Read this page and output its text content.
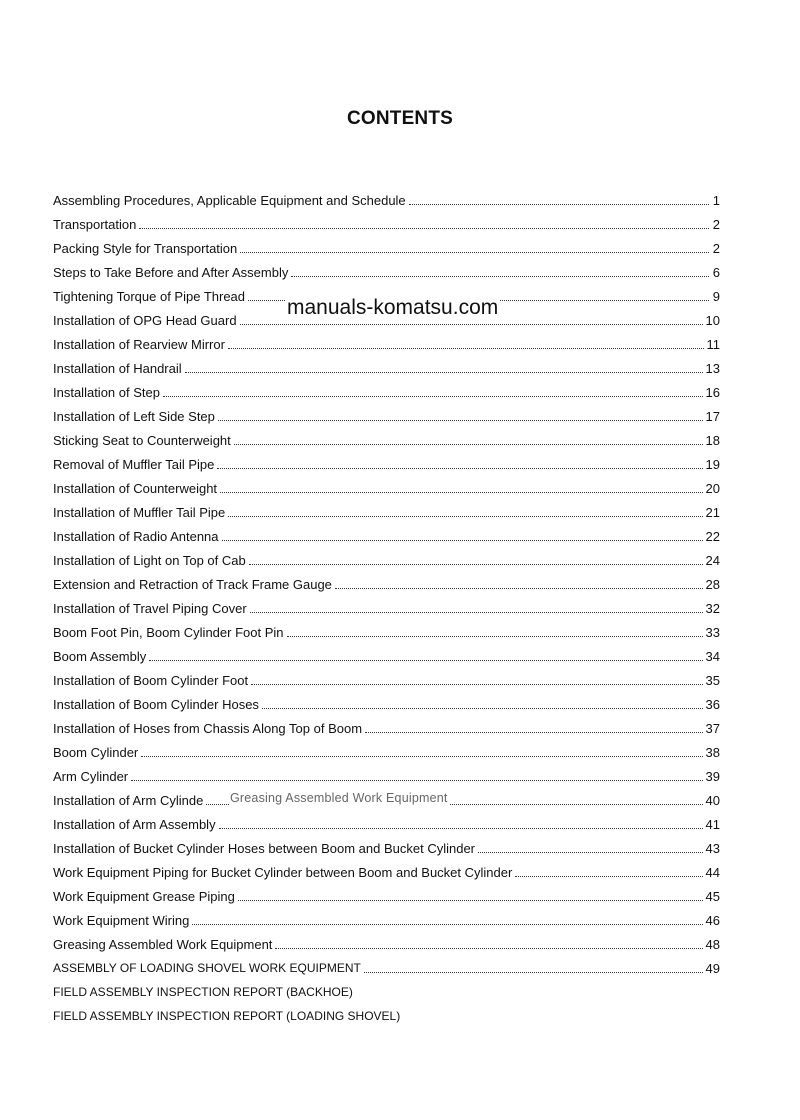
CONTENTS
Assembling Procedures, Applicable Equipment and Schedule	1
Transportation	2
Packing Style for Transportation	2
Steps to Take Before and After Assembly	6
Tightening Torque of Pipe Thread	9
Installation of OPG Head Guard	10
Installation of Rearview Mirror	11
Installation of Handrail	13
Installation of Step	16
Installation of Left Side Step	17
Sticking Seat to Counterweight	18
Removal of Muffler Tail Pipe	19
Installation of Counterweight	20
Installation of Muffler Tail Pipe	21
Installation of Radio Antenna	22
Installation of Light on Top of Cab	24
Extension and Retraction of Track Frame Gauge	28
Installation of Travel Piping Cover	32
Boom Foot Pin, Boom Cylinder Foot Pin	33
Boom Assembly	34
Installation of Boom Cylinder Foot	35
Installation of Boom Cylinder Hoses	36
Installation of Hoses from Chassis Along Top of Boom	37
Boom Cylinder	38
Arm Cylinder	39
Installation of Arm Cylinde	40
Greasing Assembled Work Equipment
Installation of Arm Assembly	41
Installation of Bucket Cylinder Hoses between Boom and Bucket Cylinder	43
Work Equipment Piping for Bucket Cylinder between Boom and Bucket Cylinder	44
Work Equipment Grease Piping	45
Work Equipment Wiring	46
Greasing Assembled Work Equipment	48
ASSEMBLY OF LOADING SHOVEL WORK EQUIPMENT	49
FIELD ASSEMBLY INSPECTION REPORT (BACKHOE)
FIELD ASSEMBLY INSPECTION REPORT (LOADING SHOVEL)
manuals-komatsu.com
